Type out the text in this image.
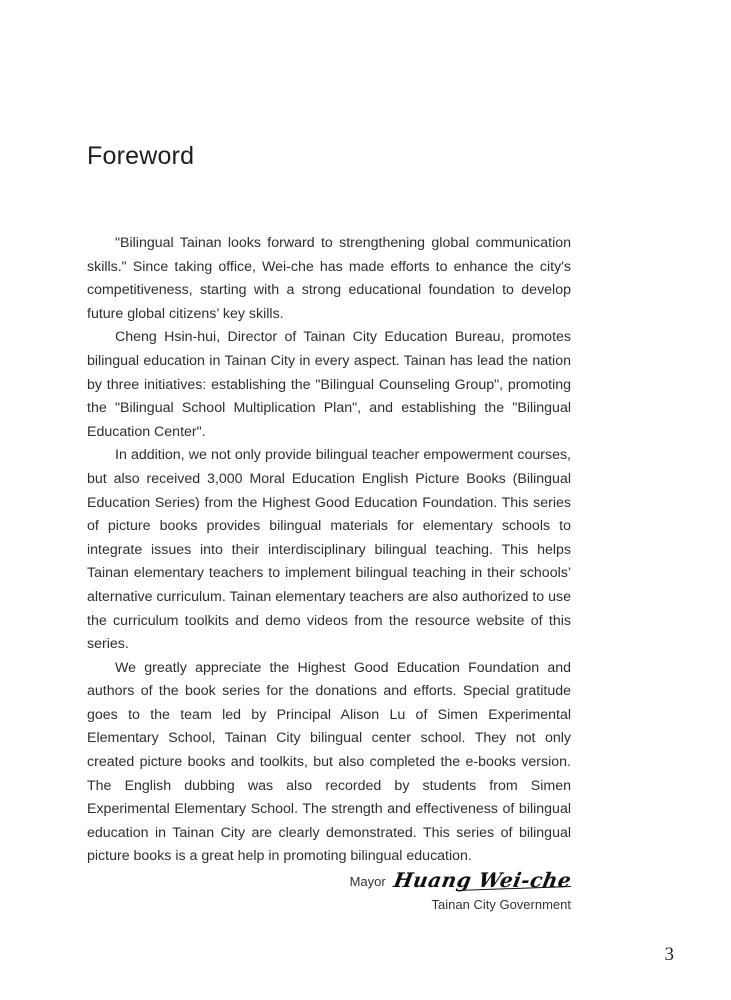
Foreword

"Bilingual Tainan looks forward to strengthening global communication skills." Since taking office, Wei-che has made efforts to enhance the city's competitiveness, starting with a strong educational foundation to develop future global citizens’ key skills.

Cheng Hsin-hui, Director of Tainan City Education Bureau, promotes bilingual education in Tainan City in every aspect. Tainan has lead the nation by three initiatives: establishing the "Bilingual Counseling Group", promoting the "Bilingual School Multiplication Plan", and establishing the "Bilingual Education Center".

In addition, we not only provide bilingual teacher empowerment courses, but also received 3,000 Moral Education English Picture Books (Bilingual Education Series) from the Highest Good Education Foundation. This series of picture books provides bilingual materials for elementary schools to integrate issues into their interdisciplinary bilingual teaching. This helps Tainan elementary teachers to implement bilingual teaching in their schools’ alternative curriculum. Tainan elementary teachers are also authorized to use the curriculum toolkits and demo videos from the resource website of this series.

We greatly appreciate the Highest Good Education Foundation and authors of the book series for the donations and efforts. Special gratitude goes to the team led by Principal Alison Lu of Simen Experimental Elementary School, Tainan City bilingual center school. They not only created picture books and toolkits, but also completed the e-books version. The English dubbing was also recorded by students from Simen Experimental Elementary School. The strength and effectiveness of bilingual education in Tainan City are clearly demonstrated. This series of bilingual picture books is a great help in promoting bilingual education.

Mayor Huang Wei-che
Tainan City Government
3
